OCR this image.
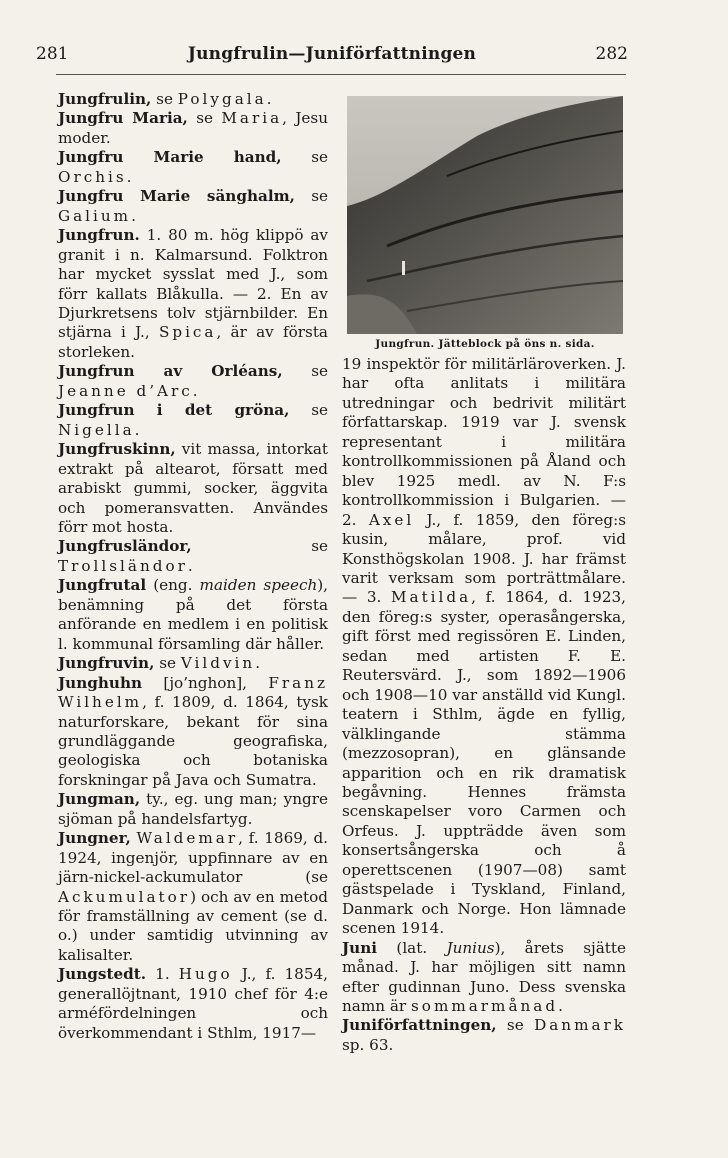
281	Jungfrulin—Juniförfattningen	282

Jungfrulin, se Polygala.

Jungfru Maria, se Maria, Jesu moder.

Jungfru Marie hand, se Orchis.

Jungfru Marie sänghalm, se Galium.

Jungfrun. 1. 80 m. hög klippö av granit i n. Kalmarsund. Folktron har mycket sysslat med J., som förr kallats Blåkulla. — 2. En av Djurkretsens tolv stjärnbilder. En stjärna i J., Spica, är av första storleken.

Jungfrun av Orléans, se Jeanne d’Arc.

Jungfrun i det gröna, se Nigella.

Jungfruskinn, vit massa, intorkat extrakt på altearot, försatt med arabiskt gummi, socker, äggvita och pomeransvatten. Användes förr mot hosta.

Jungfrusländor,	se Trollsländor.

Jungfrutal (eng. maiden speech), benämning på det första anförande en medlem i en politisk l. kommunal församling där håller.

Jungfruvin, se Vildvin.

Junghuhn [jo’nghon], Franz Wilhelm, f. 1809, d. 1864, tysk naturforskare, bekant för sina grundläggande geografiska, geologiska och botaniska forskningar på Java och Sumatra.

Jungman, ty., eg. ung man; yngre sjöman på handelsfartyg.

Jungner, Waldemar, f. 1869, d. 1924, ingenjör, uppfinnare av en järn-nickel-ackumulator (se Ackumulator) och av en metod för framställning av cement (se d. o.) under samtidig utvinning av kalisalter.

Jungstedt. 1. Hugo J., f. 1854, generallöjtnant, 1910 chef för 4:e arméfördelningen och överkommendant i Sthlm, 1917—

Jungfrun. Jätteblock på öns n. sida.

19 inspektör för militärläroverken. J. har ofta anlitats i militära utredningar och bedrivit militärt författarskap. 1919 var J. svensk representant i militära kontrollkommissionen på Åland och blev 1925 medl. av N. F:s kontrollkommission i Bulgarien. — 2. Axel J., f. 1859, den föreg:s kusin, målare, prof. vid Konsthögskolan 1908. J. har främst varit verksam som porträttmålare. — 3. Matilda, f. 1864, d. 1923, den föreg:s syster, operasångerska, gift först med regissören E. Linden, sedan med artisten F. E. Reutersvärd. J., som 1892—1906 och 1908—10 var anställd vid Kungl. teatern i Sthlm, ägde en fyllig, välklingande stämma (mezzosopran), en glänsande apparition och en rik dramatisk begåvning. Hennes främsta scenskapelser voro Carmen och Orfeus. J. uppträdde även som konsertsångerska och å operettscenen (1907—08) samt gästspelade i Tyskland, Finland, Danmark och Norge. Hon lämnade scenen 1914.

Juni (lat. Junius), årets sjätte månad. J. har möjligen sitt namn efter gudinnan Juno. Dess svenska namn är sommarmånad.

Juniförfattningen, se Danmark sp. 63.
